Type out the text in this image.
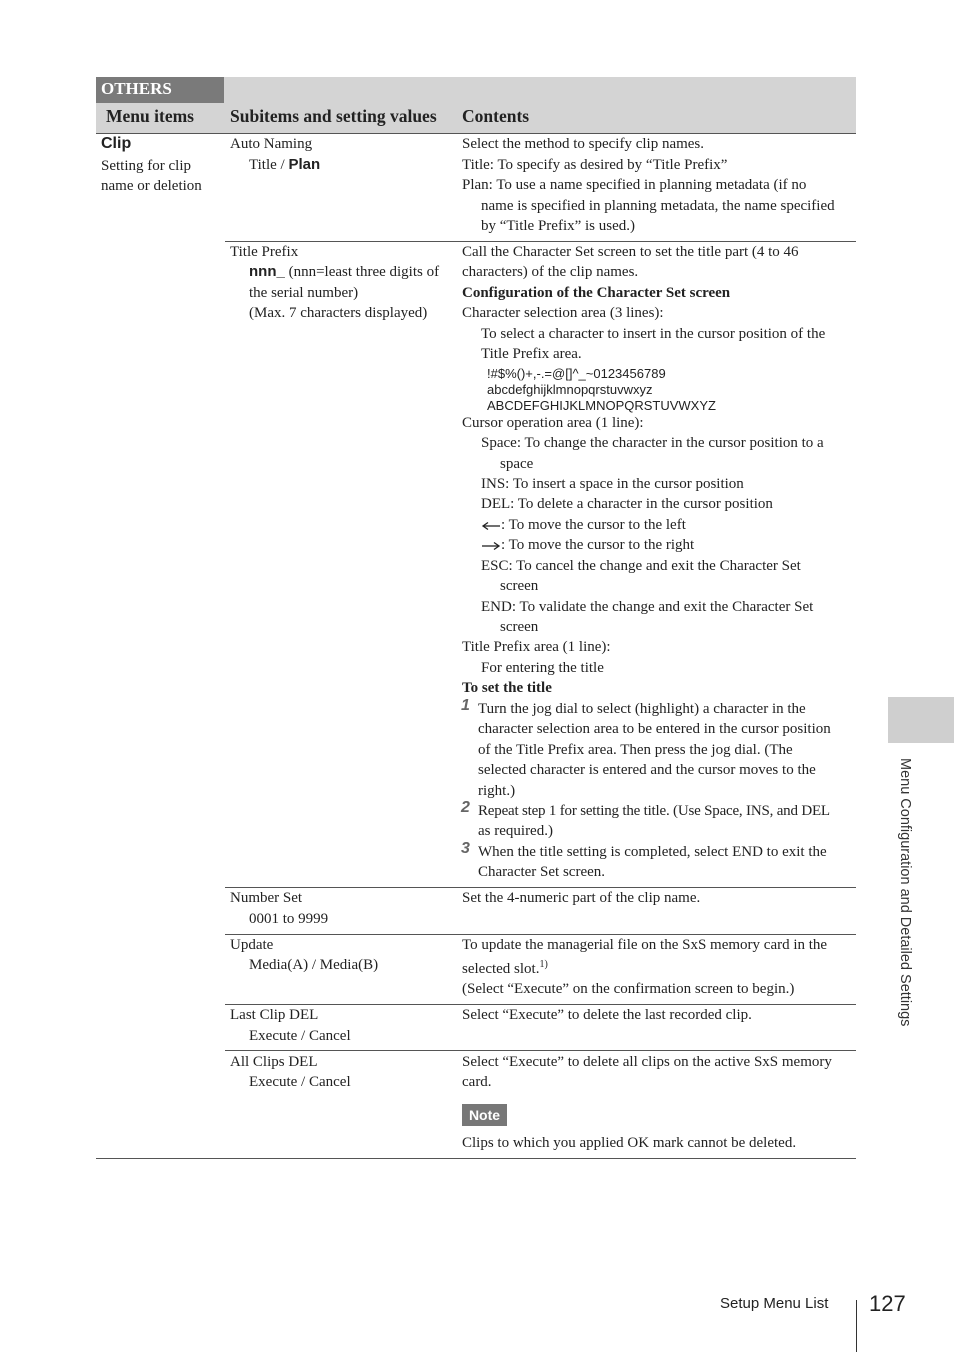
OTHERS
Menu items Subitems and setting values Contents
Clip
Setting for clip
name or deletion
Auto Naming
Title / Plan
Select the method to specify clip names.
Title: To specify as desired by “Title Prefix”
Plan: To use a name specified in planning metadata (if no
name is specified in planning metadata, the name specified
by “Title Prefix” is used.)
Title Prefix
nnn_ (nnn=least three digits of
the serial number)
(Max. 7 characters displayed)
Call the Character Set screen to set the title part (4 to 46
characters) of the clip names.
Configuration of the Character Set screen
Character selection area (3 lines):
To select a character to insert in the cursor position of the
Title Prefix area.
!#$%()+,-.=@[]^_~0123456789
abcdefghijklmnopqrstuvwxyz
ABCDEFGHIJKLMNOPQRSTUVWXYZ
Cursor operation area (1 line):
Space: To change the character in the cursor position to a
space
INS: To insert a space in the cursor position
DEL: To delete a character in the cursor position
: To move the cursor to the left
: To move the cursor to the right
ESC: To cancel the change and exit the Character Set
screen
END: To validate the change and exit the Character Set
screen
Title Prefix area (1 line):
For entering the title
To set the title
1 Turn the jog dial to select (highlight) a character in the
character selection area to be entered in the cursor position
of the Title Prefix area. Then press the jog dial. (The
selected character is entered and the cursor moves to the
right.)
2 Repeat step 1 for setting the title. (Use Space, INS, and DEL
as required.)
3 When the title setting is completed, select END to exit the
Character Set screen.
Number Set
0001 to 9999
Set the 4-numeric part of the clip name.
Update
Media(A) / Media(B)
To update the managerial file on the SxS memory card in the
selected slot.$^{1)}$
(Select “Execute” on the confirmation screen to begin.)
Last Clip DEL
Execute / Cancel
Select “Execute” to delete the last recorded clip.
All Clips DEL
Execute / Cancel
Select “Execute” to delete all clips on the active SxS memory
card.
Note
Clips to which you applied OK mark cannot be deleted.
Menu Configuration and Detailed Settings
Setup Menu List 127
